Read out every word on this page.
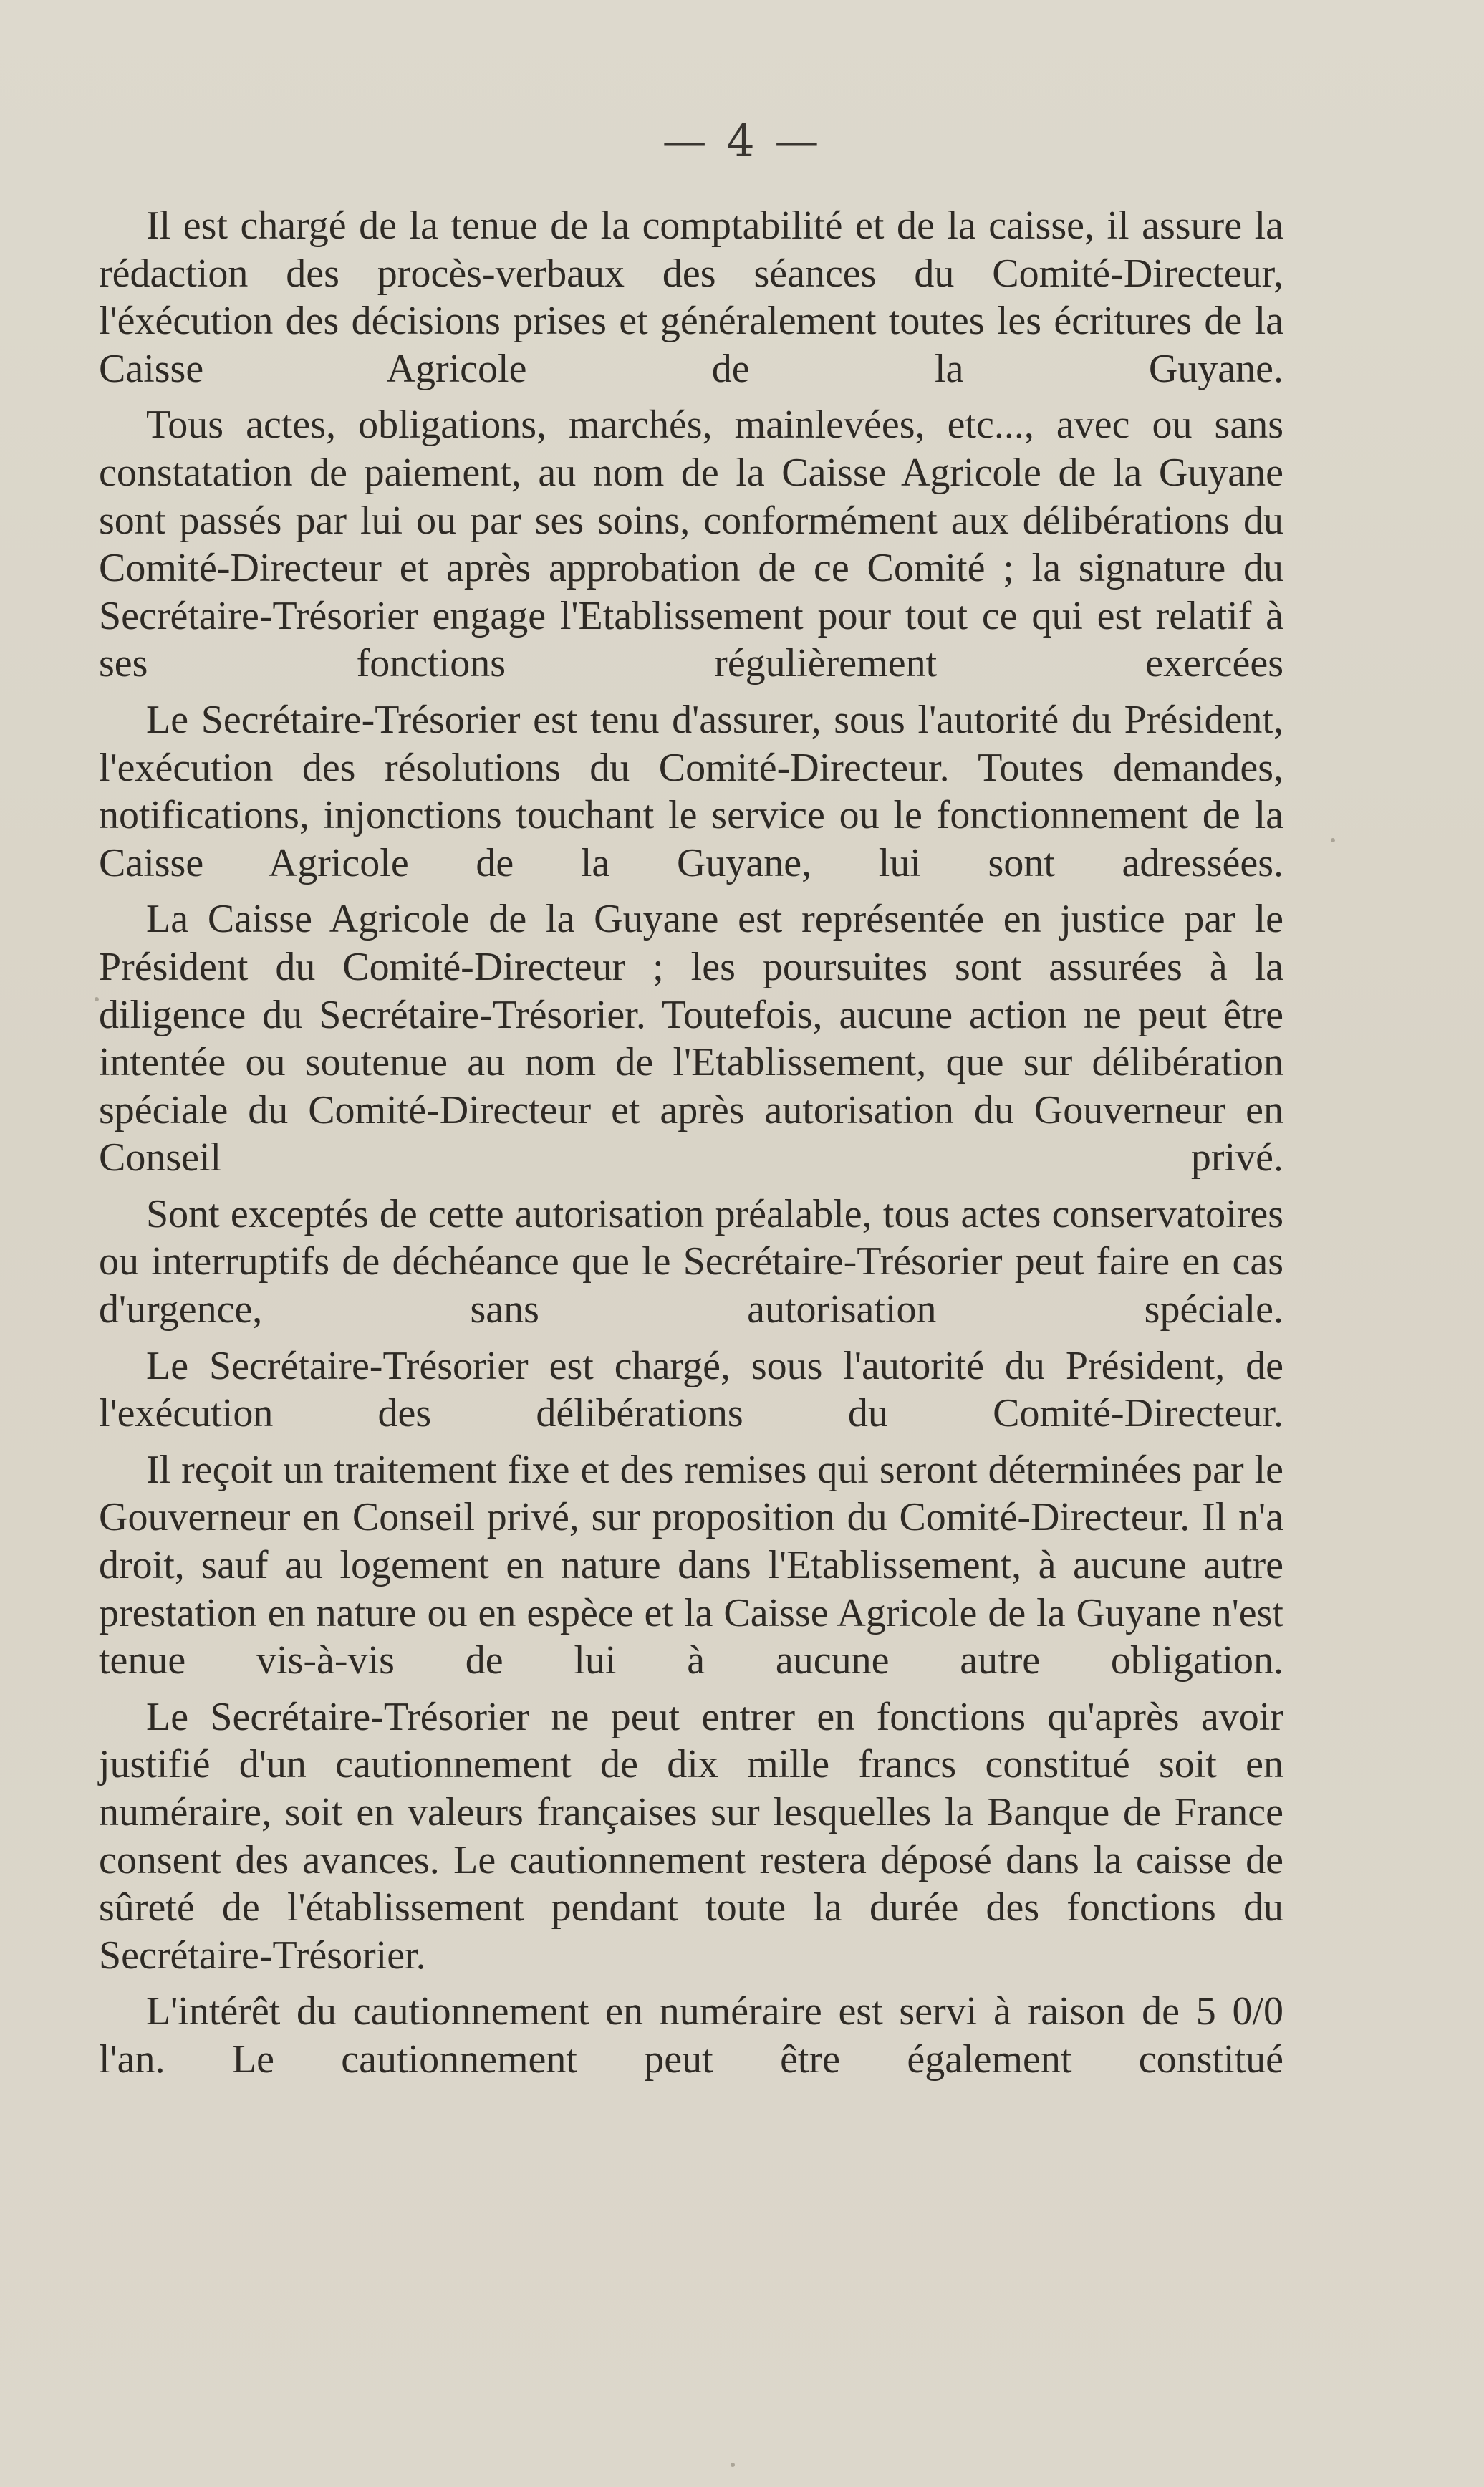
— 4 —

Il est chargé de la tenue de la comptabilité et de la caisse, il assure la rédaction des procès-verbaux des séances du Comité-Directeur, l'éxécution des décisions prises et généralement toutes les écritures de la Caisse Agricole de la Guyane.

Tous actes, obligations, marchés, mainlevées, etc..., avec ou sans constatation de paiement, au nom de la Caisse Agricole de la Guyane sont passés par lui ou par ses soins, conformément aux délibérations du Comité-Directeur et après approbation de ce Comité ; la signature du Secrétaire-Trésorier engage l'Etablissement pour tout ce qui est relatif à ses fonctions régulièrement exercées

Le Secrétaire-Trésorier est tenu d'assurer, sous l'autorité du Président, l'exécution des résolutions du Comité-Directeur. Toutes demandes, notifications, injonctions touchant le service ou le fonctionnement de la Caisse Agricole de la Guyane, lui sont adressées.

La Caisse Agricole de la Guyane est représentée en justice par le Président du Comité-Directeur ; les poursuites sont assurées à la diligence du Secrétaire-Trésorier. Toutefois, aucune action ne peut être intentée ou soutenue au nom de l'Etablissement, que sur délibération spéciale du Comité-Directeur et après autorisation du Gouverneur en Conseil privé.

Sont exceptés de cette autorisation préalable, tous actes conservatoires ou interruptifs de déchéance que le Secrétaire-Trésorier peut faire en cas d'urgence, sans autorisation spéciale.

Le Secrétaire-Trésorier est chargé, sous l'autorité du Président, de l'exécution des délibérations du Comité-Directeur.

Il reçoit un traitement fixe et des remises qui seront déterminées par le Gouverneur en Conseil privé, sur proposition du Comité-Directeur. Il n'a droit, sauf au logement en nature dans l'Etablissement, à aucune autre prestation en nature ou en espèce et la Caisse Agricole de la Guyane n'est tenue vis-à-vis de lui à aucune autre obligation.

Le Secrétaire-Trésorier ne peut entrer en fonctions qu'après avoir justifié d'un cautionnement de dix mille francs constitué soit en numéraire, soit en valeurs françaises sur lesquelles la Banque de France consent des avances. Le cautionnement restera déposé dans la caisse de sûreté de l'établissement pendant toute la durée des fonctions du Secrétaire-Trésorier.

L'intérêt du cautionnement en numéraire est servi à raison de 5 0/0 l'an. Le cautionnement peut être également constitué
